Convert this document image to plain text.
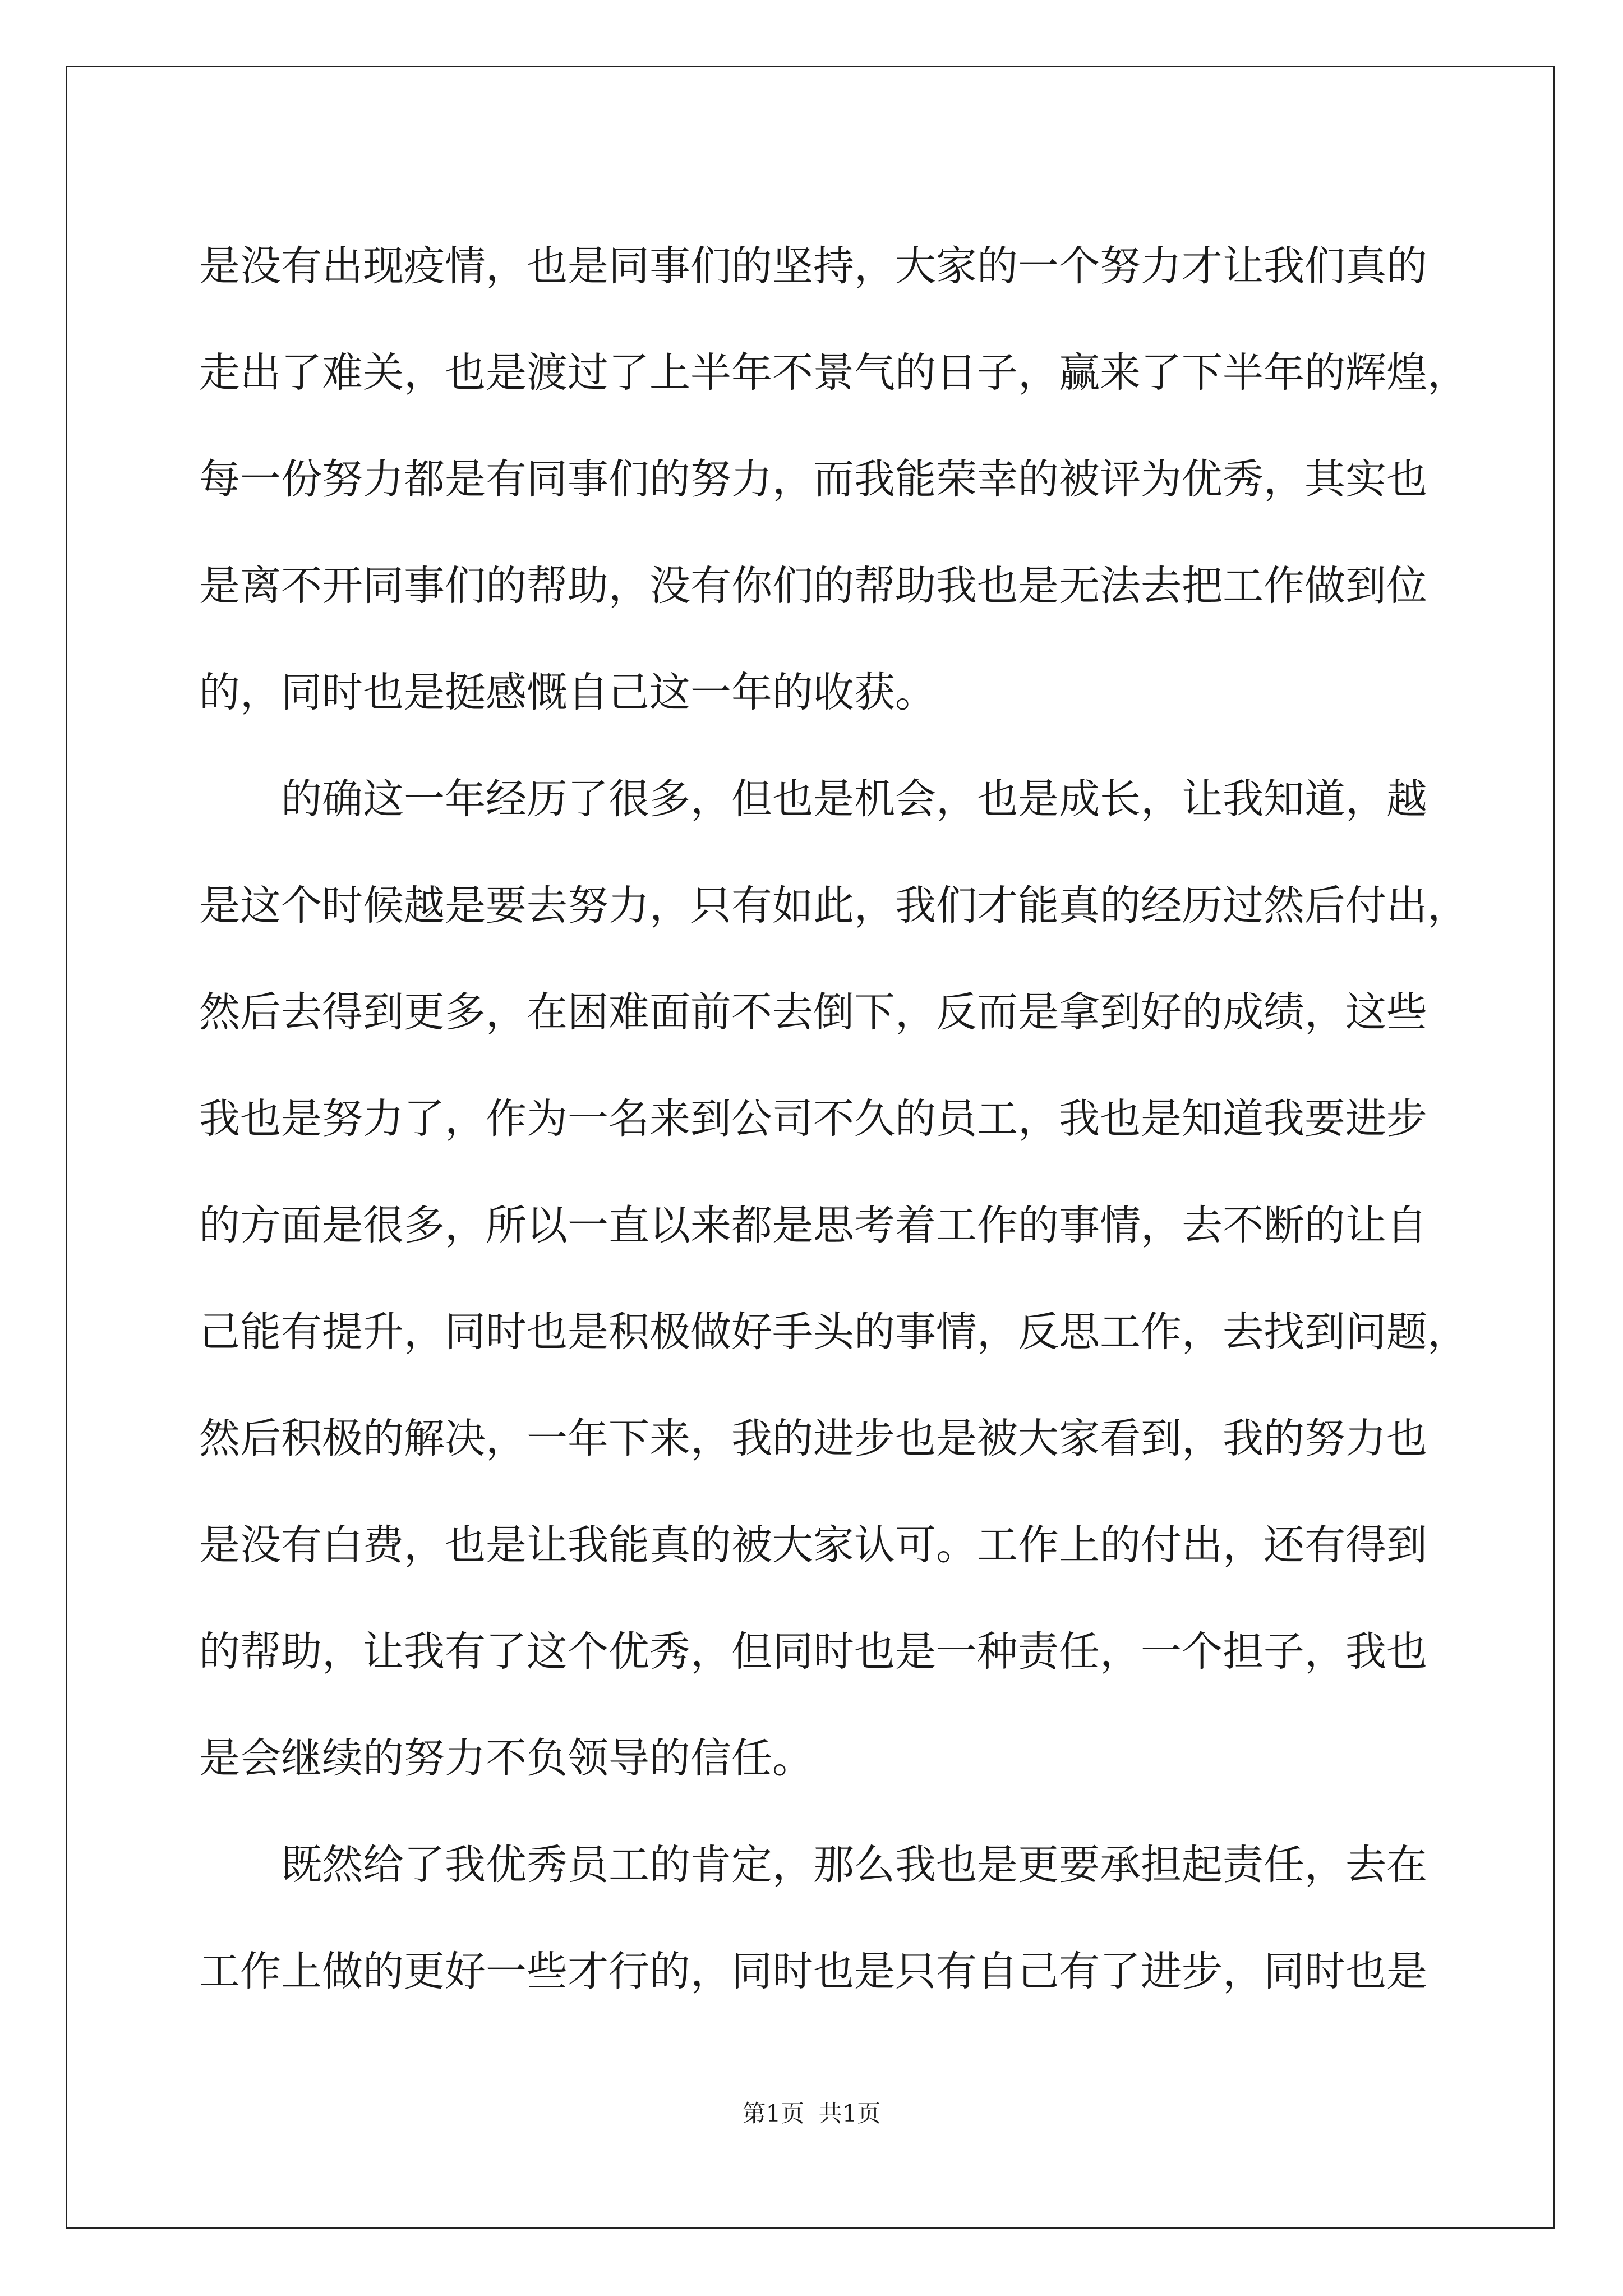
是没有出现疫情，也是同事们的坚持，大家的一个努力才让我们真的
走出了难关，也是渡过了上半年不景气的日子，赢来了下半年的辉煌，
每一份努力都是有同事们的努力，而我能荣幸的被评为优秀，其实也
是离不开同事们的帮助，没有你们的帮助我也是无法去把工作做到位
的，同时也是挺感慨自己这一年的收获。
的确这一年经历了很多，但也是机会，也是成长，让我知道，越
是这个时候越是要去努力，只有如此，我们才能真的经历过然后付出，
然后去得到更多，在困难面前不去倒下，反而是拿到好的成绩，这些
我也是努力了，作为一名来到公司不久的员工，我也是知道我要进步
的方面是很多，所以一直以来都是思考着工作的事情，去不断的让自
己能有提升，同时也是积极做好手头的事情，反思工作，去找到问题，
然后积极的解决，一年下来，我的进步也是被大家看到，我的努力也
是没有白费，也是让我能真的被大家认可。工作上的付出，还有得到
的帮助，让我有了这个优秀，但同时也是一种责任，一个担子，我也
是会继续的努力不负领导的信任。
既然给了我优秀员工的肯定，那么我也是更要承担起责任，去在
工作上做的更好一些才行的，同时也是只有自己有了进步，同时也是
第1页 共1页
